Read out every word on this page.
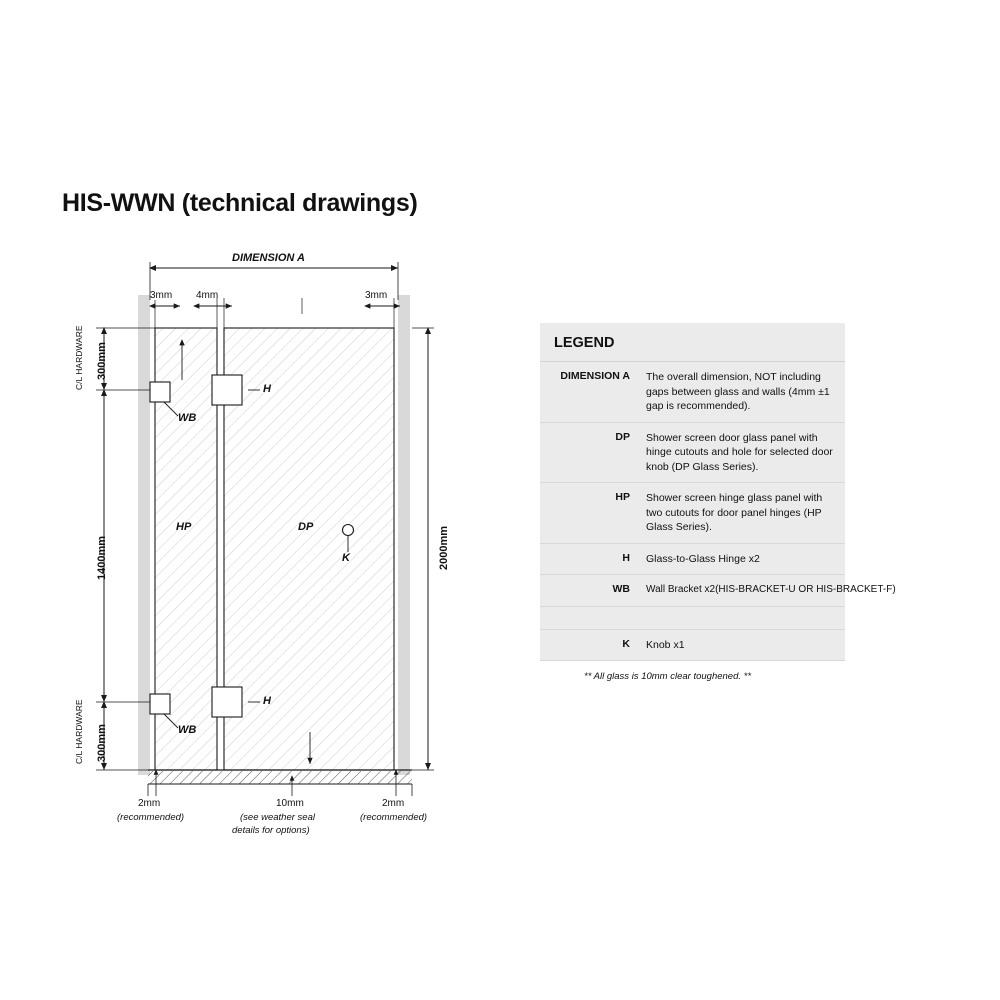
HIS-WWN (technical drawings)
DIMENSION A
3mm 4mm	3mm
2000mm
C/L HARDWARE 300mm
1400mm
C/L HARDWARE 300mm
HP	DP
H
H
WB
WB
K
2mm
(recommended)
10mm
(see weather seal
details for options)
2mm
(recommended)
LEGEND
DIMENSION A	The overall dimension, NOT including gaps between glass and walls (4mm ±1 gap is recommended).
DP	Shower screen door glass panel with hinge cutouts and hole for selected door knob (DP Glass Series).
HP	Shower screen hinge glass panel with two cutouts for door panel hinges (HP Glass Series).
H	Glass-to-Glass Hinge x2
WB	Wall Bracket x2(HIS-BRACKET-U OR HIS-BRACKET-F)
K	Knob x1
** All glass is 10mm clear toughened. **
